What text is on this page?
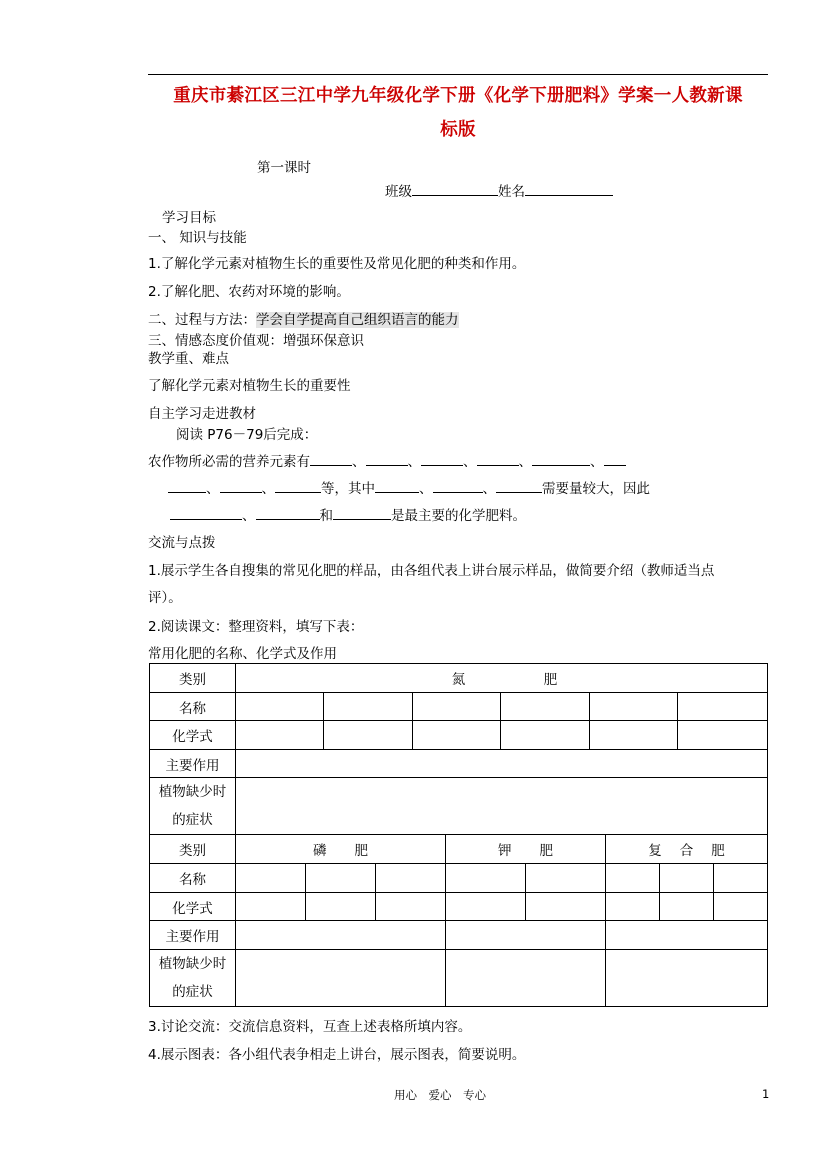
重庆市綦江区三江中学九年级化学下册《化学下册肥料》学案一人教新课
标版
第一课时
班级	姓名
学习目标
一、 知识与技能
1.了解化学元素对植物生长的重要性及常见化肥的种类和作用。
2.了解化肥、农药对环境的影响。
二、过程与方法：学会自学提高自己组织语言的能力
三、情感态度价值观：增强环保意识
教学重、难点
了解化学元素对植物生长的重要性
自主学习走进教材
阅读 P76－79后完成：
农作物所必需的营养元素有	、	、	、	、	、
、	、	等，其中	、	、	需要量较大，因此
、	和	是最主要的化学肥料。
交流与点拨
1.展示学生各自搜集的常见化肥的样品，由各组代表上讲台展示样品，做简要介绍（教师适当点
评）。
2.阅读课文：整理资料，填写下表：
常用化肥的名称、化学式及作用
类别	氮 肥					
名称						
化学式						
主要作用						

植物缺少时
的症状						

类别	磷 肥			钾 肥		复 合 肥		
名称								
化学式								
主要作用								

植物缺少时
的症状								

3.讨论交流：交流信息资料，互查上述表格所填内容。
4.展示图表：各小组代表争相走上讲台，展示图表，简要说明。
用心　爱心　专心	1
